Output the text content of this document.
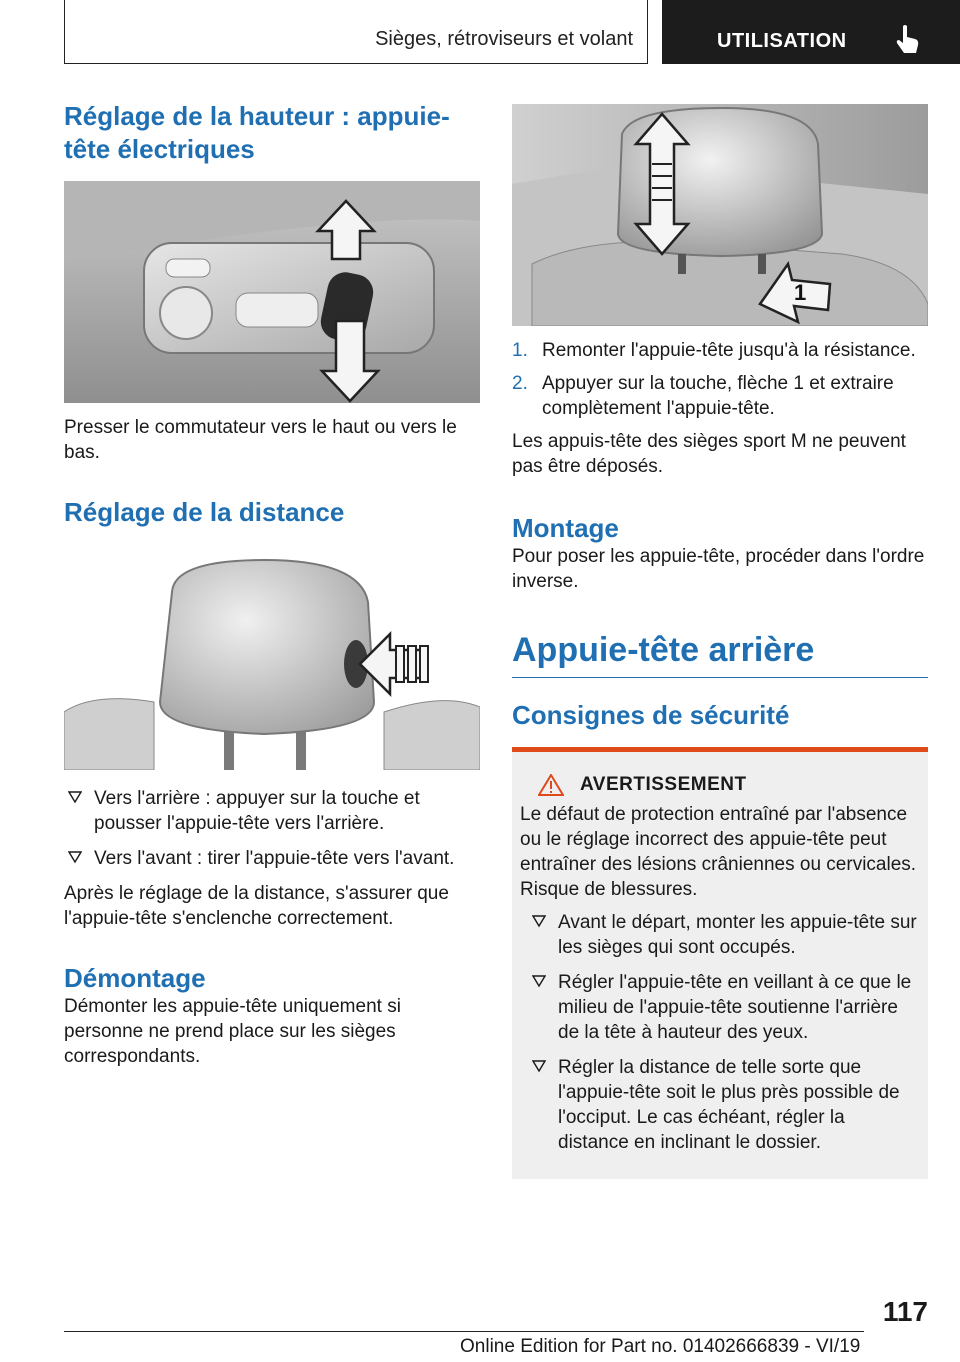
Sièges, rétroviseurs et volant	UTILISATION
Réglage de la hauteur : appuie-tête électriques

Presser le commutateur vers le haut ou vers le bas.

Réglage de la distance
Vers l'arrière : appuyer sur la touche et pousser l'appuie-tête vers l'arrière.
Vers l'avant : tirer l'appuie-tête vers l'avant.

Après le réglage de la distance, s'assurer que l'appuie-tête s'enclenche correctement.

Démontage

Démonter les appuie-tête uniquement si personne ne prend place sur les sièges correspondants.

1
1. Remonter l'appuie-tête jusqu'à la résistance.
2. Appuyer sur la touche, flèche 1 et extraire complètement l'appuie-tête.

Les appuis-tête des sièges sport M ne peuvent pas être déposés.

Montage

Pour poser les appuie-tête, procéder dans l'ordre inverse.

Appuie-tête arrière
Consignes de sécurité
AVERTISSEMENT

Le défaut de protection entraîné par l'absence ou le réglage incorrect des appuie-tête peut entraîner des lésions crâniennes ou cervicales. Risque de blessures.

Avant le départ, monter les appuie-tête sur les sièges qui sont occupés.
Régler l'appuie-tête en veillant à ce que le milieu de l'appuie-tête soutienne l'arrière de la tête à hauteur des yeux.
Régler la distance de telle sorte que l'appuie-tête soit le plus près possible de l'occiput. Le cas échéant, régler la distance en inclinant le dossier.
117
Online Edition for Part no. 01402666839 - VI/19
